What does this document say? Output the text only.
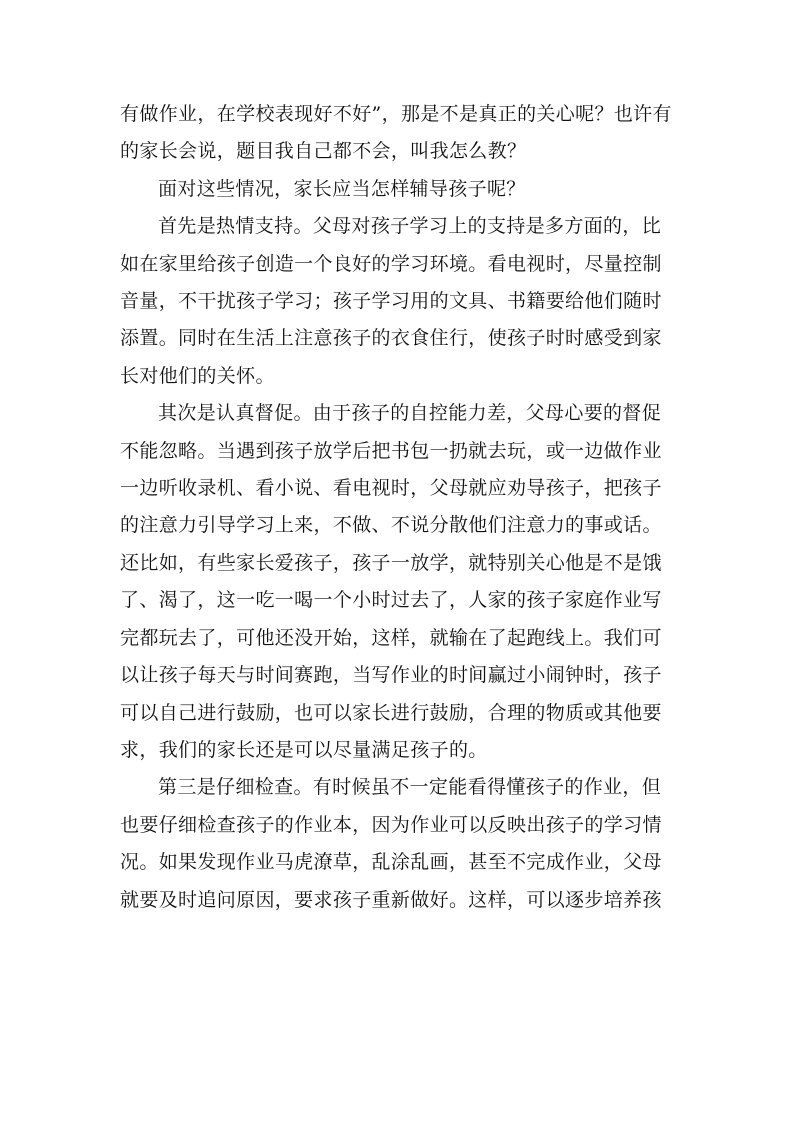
有做作业，在学校表现好不好”，那是不是真正的关心呢？也许有的家长会说，题目我自己都不会，叫我怎么教？

面对这些情况，家长应当怎样辅导孩子呢？

首先是热情支持。父母对孩子学习上的支持是多方面的，比如在家里给孩子创造一个良好的学习环境。看电视时，尽量控制音量，不干扰孩子学习；孩子学习用的文具、书籍要给他们随时添置。同时在生活上注意孩子的衣食住行，使孩子时时感受到家长对他们的关怀。

其次是认真督促。由于孩子的自控能力差，父母心要的督促不能忽略。当遇到孩子放学后把书包一扔就去玩，或一边做作业一边听收录机、看小说、看电视时，父母就应劝导孩子，把孩子的注意力引导学习上来，不做、不说分散他们注意力的事或话。还比如，有些家长爱孩子，孩子一放学，就特别关心他是不是饿了、渴了，这一吃一喝一个小时过去了，人家的孩子家庭作业写完都玩去了，可他还没开始，这样，就输在了起跑线上。我们可以让孩子每天与时间赛跑，当写作业的时间赢过小闹钟时，孩子可以自己进行鼓励，也可以家长进行鼓励，合理的物质或其他要求，我们的家长还是可以尽量满足孩子的。

第三是仔细检查。有时候虽不一定能看得懂孩子的作业，但也要仔细检查孩子的作业本，因为作业可以反映出孩子的学习情况。如果发现作业马虎潦草，乱涂乱画，甚至不完成作业，父母就要及时追问原因，要求孩子重新做好。这样，可以逐步培养孩
